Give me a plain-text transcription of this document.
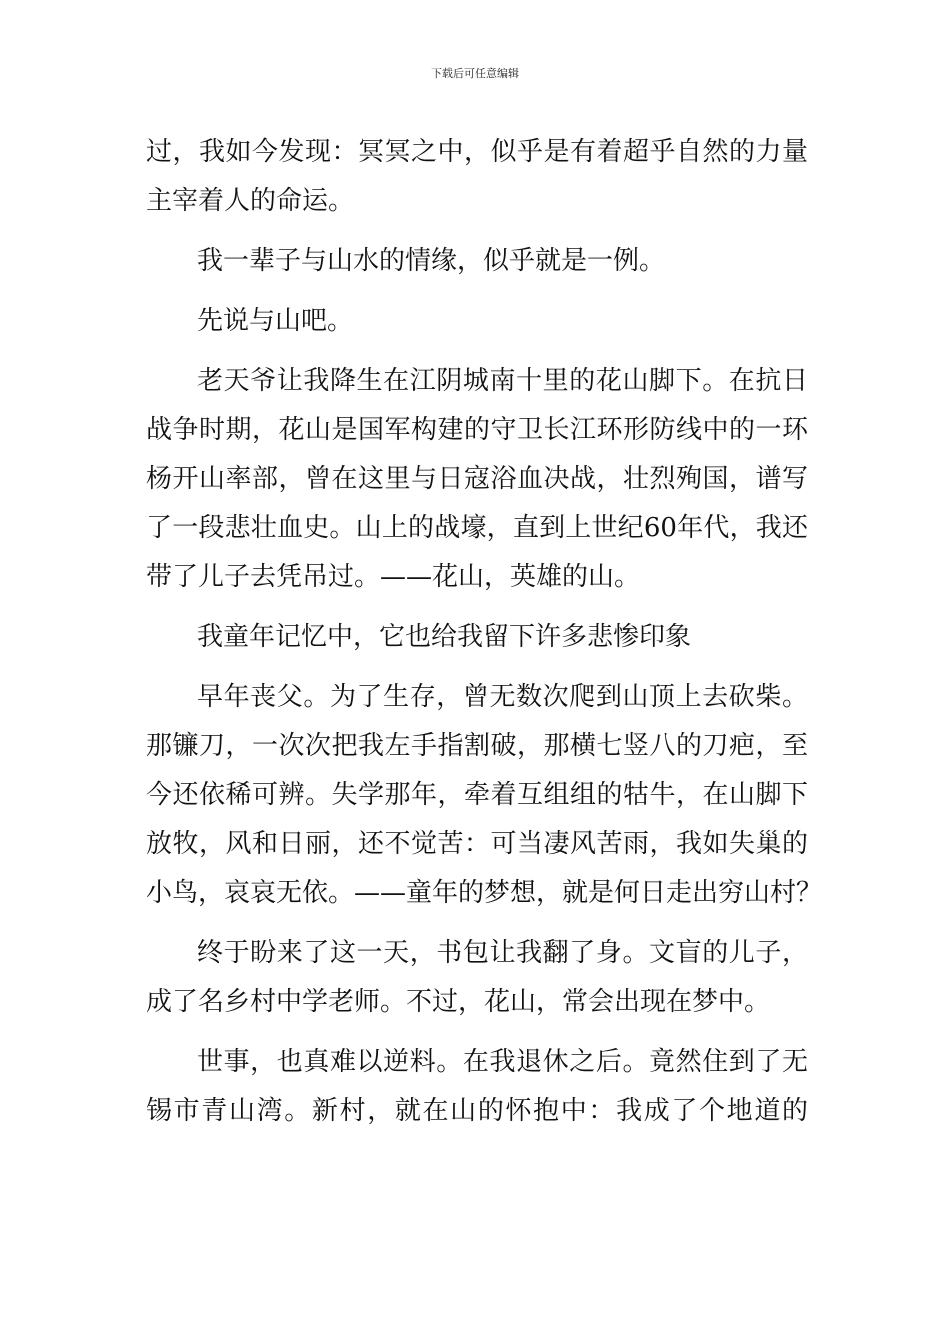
下载后可任意编辑
过，我如今发现：冥冥之中，似乎是有着超乎自然的力量
主宰着人的命运。
我一辈子与山水的情缘，似乎就是一例。
先说与山吧。
老天爷让我降生在江阴城南十里的花山脚下。在抗日
战争时期，花山是国军构建的守卫长江环形防线中的一环
杨开山率部，曾在这里与日寇浴血决战，壮烈殉国，谱写
了一段悲壮血史。山上的战壕，直到上世纪60年代，我还
带了儿子去凭吊过。——花山，英雄的山。
我童年记忆中，它也给我留下许多悲惨印象
早年丧父。为了生存，曾无数次爬到山顶上去砍柴。
那镰刀，一次次把我左手指割破，那横七竖八的刀疤，至
今还依稀可辨。失学那年，牵着互组组的牯牛，在山脚下
放牧，风和日丽，还不觉苦：可当凄风苦雨，我如失巢的
小鸟，哀哀无依。——童年的梦想，就是何日走出穷山村？
终于盼来了这一天，书包让我翻了身。文盲的儿子，
成了名乡村中学老师。不过，花山，常会出现在梦中。
世事，也真难以逆料。在我退休之后。竟然住到了无
锡市青山湾。新村，就在山的怀抱中：我成了个地道的
